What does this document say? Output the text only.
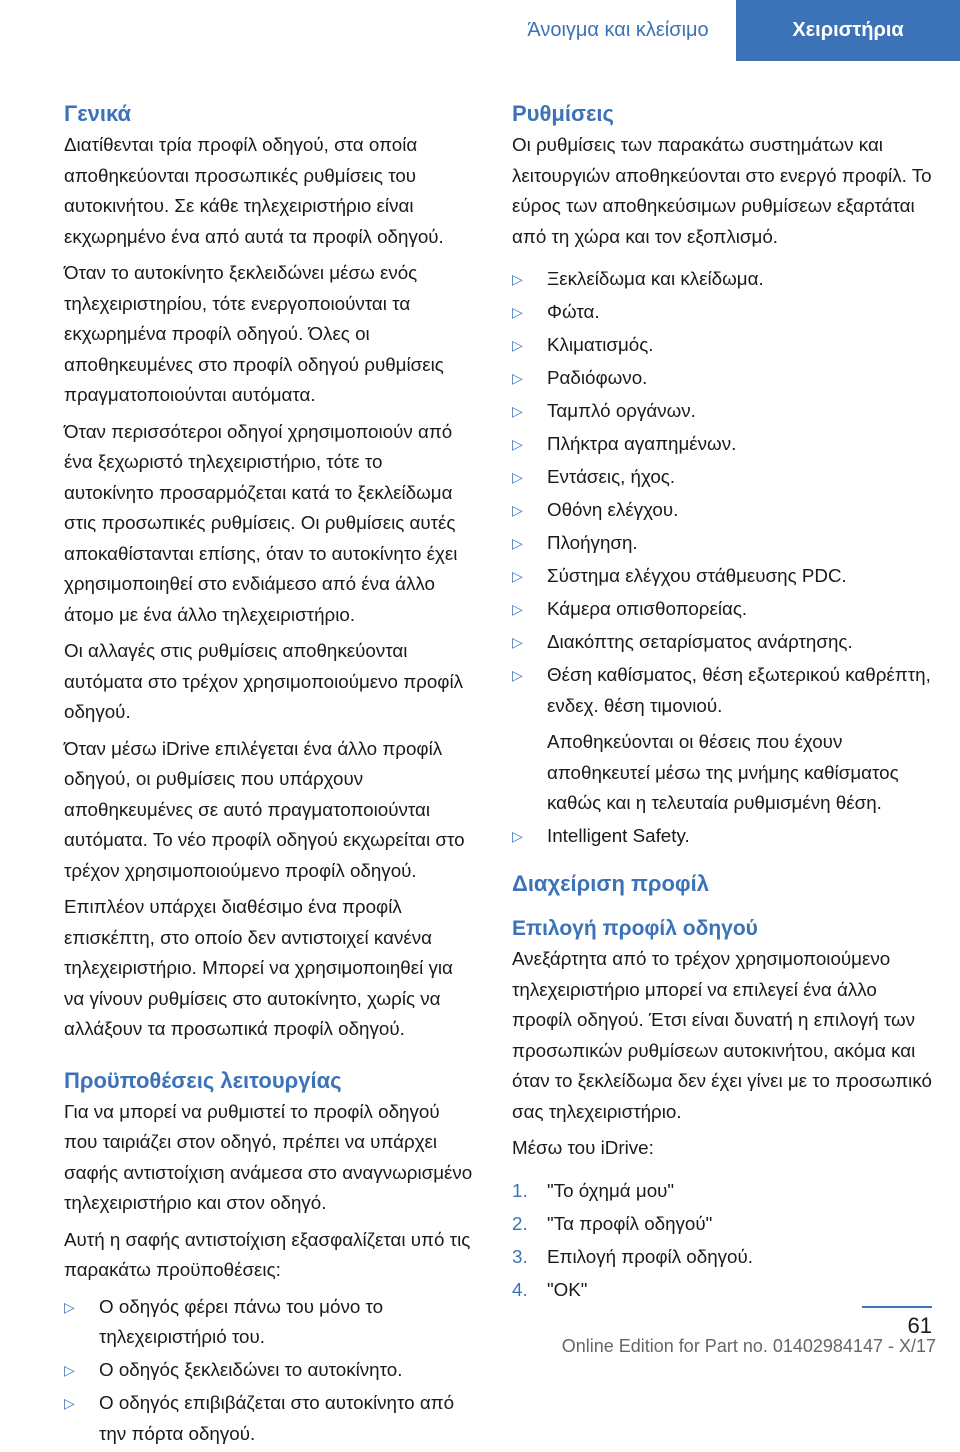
Άνοιγμα και κλείσιμο	Χειριστήρια
Γενικά

Διατίθενται τρία προφίλ οδηγού, στα οποία αποθηκεύονται προσωπικές ρυθμίσεις του αυτοκινήτου. Σε κάθε τηλεχειριστήριο είναι εκχωρημένο ένα από αυτά τα προφίλ οδηγού.

Όταν το αυτοκίνητο ξεκλειδώνει μέσω ενός τηλεχειριστηρίου, τότε ενεργοποιούνται τα εκχωρημένα προφίλ οδηγού. Όλες οι αποθηκευμένες στο προφίλ οδηγού ρυθμίσεις πραγματοποιούνται αυτόματα.

Όταν περισσότεροι οδηγοί χρησιμοποιούν από ένα ξεχωριστό τηλεχειριστήριο, τότε το αυτοκίνητο προσαρμόζεται κατά το ξεκλείδωμα στις προσωπικές ρυθμίσεις. Οι ρυθμίσεις αυτές αποκαθίστανται επίσης, όταν το αυτοκίνητο έχει χρησιμοποιηθεί στο ενδιάμεσο από ένα άλλο άτομο με ένα άλλο τηλεχειριστήριο.

Οι αλλαγές στις ρυθμίσεις αποθηκεύονται αυτόματα στο τρέχον χρησιμοποιούμενο προφίλ οδηγού.

Όταν μέσω iDrive επιλέγεται ένα άλλο προφίλ οδηγού, οι ρυθμίσεις που υπάρχουν αποθηκευμένες σε αυτό πραγματοποιούνται αυτόματα. Το νέο προφίλ οδηγού εκχωρείται στο τρέχον χρησιμοποιούμενο προφίλ οδηγού.

Επιπλέον υπάρχει διαθέσιμο ένα προφίλ επισκέπτη, στο οποίο δεν αντιστοιχεί κανένα τηλεχειριστήριο. Μπορεί να χρησιμοποιηθεί για να γίνουν ρυθμίσεις στο αυτοκίνητο, χωρίς να αλλάξουν τα προσωπικά προφίλ οδηγού.

Προϋποθέσεις λειτουργίας

Για να μπορεί να ρυθμιστεί το προφίλ οδηγού που ταιριάζει στον οδηγό, πρέπει να υπάρχει σαφής αντιστοίχιση ανάμεσα στο αναγνωρισμένο τηλεχειριστήριο και στον οδηγό.

Αυτή η σαφής αντιστοίχιση εξασφαλίζεται υπό τις παρακάτω προϋποθέσεις:

▷ Ο οδηγός φέρει πάνω του μόνο το τηλεχειριστήριό του.
▷ Ο οδηγός ξεκλειδώνει το αυτοκίνητο.
▷ Ο οδηγός επιβιβάζεται στο αυτοκίνητο από την πόρτα οδηγού.
Ρυθμίσεις

Οι ρυθμίσεις των παρακάτω συστημάτων και λειτουργιών αποθηκεύονται στο ενεργό προφίλ. Το εύρος των αποθηκεύσιμων ρυθμίσεων εξαρτάται από τη χώρα και τον εξοπλισμό.

▷ Ξεκλείδωμα και κλείδωμα.
▷ Φώτα.
▷ Κλιματισμός.
▷ Ραδιόφωνο.
▷ Ταμπλό οργάνων.
▷ Πλήκτρα αγαπημένων.
▷ Εντάσεις, ήχος.
▷ Οθόνη ελέγχου.
▷ Πλοήγηση.
▷ Σύστημα ελέγχου στάθμευσης PDC.
▷ Κάμερα οπισθοπορείας.
▷ Διακόπτης σεταρίσματος ανάρτησης.
▷ Θέση καθίσματος, θέση εξωτερικού καθρέπτη, ενδεχ. θέση τιμονιού.
Αποθηκεύονται οι θέσεις που έχουν αποθηκευτεί μέσω της μνήμης καθίσματος καθώς και η τελευταία ρυθμισμένη θέση.
▷ Intelligent Safety.
Διαχείριση προφίλ
Επιλογή προφίλ οδηγού

Ανεξάρτητα από το τρέχον χρησιμοποιούμενο τηλεχειριστήριο μπορεί να επιλεγεί ένα άλλο προφίλ οδηγού. Έτσι είναι δυνατή η επιλογή των προσωπικών ρυθμίσεων αυτοκινήτου, ακόμα και όταν το ξεκλείδωμα δεν έχει γίνει με το προσωπικό σας τηλεχειριστήριο.

Μέσω του iDrive:

1. "Το όχημά μου"
2. "Τα προφίλ οδηγού"
3. Επιλογή προφίλ οδηγού.
4. "OK"
61
Online Edition for Part no. 01402984147 - X/17
